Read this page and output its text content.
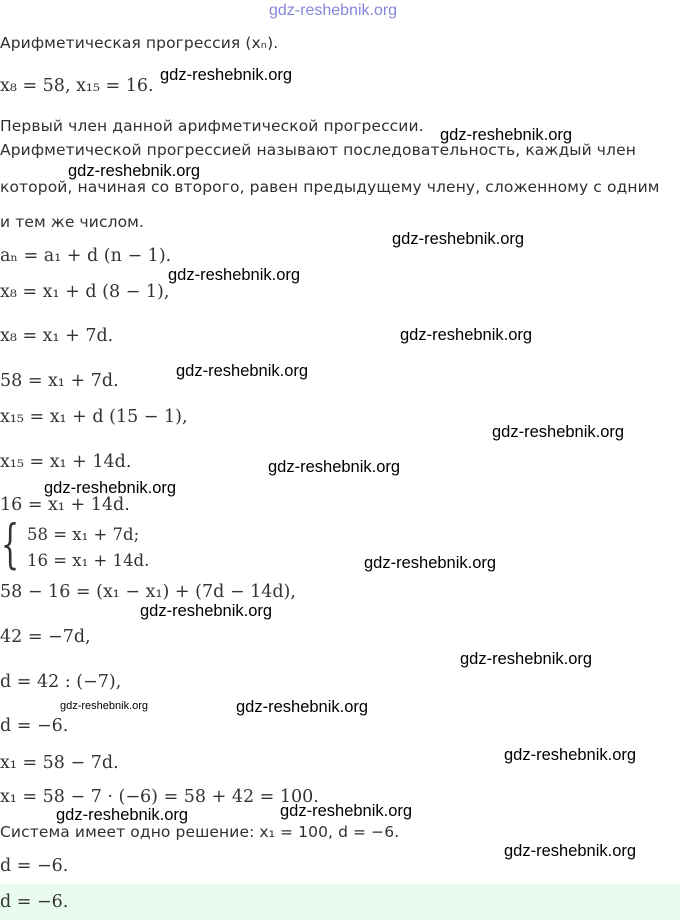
gdz-reshebnik.org
Арифметическая прогрессия (xₙ).
x₈ = 58, x₁₅ = 16.
Первый член данной арифметической прогрессии.
Арифметической прогрессией называют последовательность, каждый член
которой, начиная со второго, равен предыдущему члену, сложенному с одним
и тем же числом.
aₙ = a₁ + d (n − 1).
x₈ = x₁ + d (8 − 1),
x₈ = x₁ + 7d.
58 = x₁ + 7d.
x₁₅ = x₁ + d (15 − 1),
x₁₅ = x₁ + 14d.
16 = x₁ + 14d.
{ 58 = x₁ + 7d;
16 = x₁ + 14d.
58 − 16 = (x₁ − x₁) + (7d − 14d),
42 = −7d,
d = 42 : (−7),
d = −6.
x₁ = 58 − 7d.
x₁ = 58 − 7 · (−6) = 58 + 42 = 100.
Система имеет одно решение: x₁ = 100, d = −6.
d = −6.
d = −6.
gdz-reshebnik.org
gdz-reshebnik.org
gdz-reshebnik.org
gdz-reshebnik.org
gdz-reshebnik.org
gdz-reshebnik.org
gdz-reshebnik.org
gdz-reshebnik.org
gdz-reshebnik.org
gdz-reshebnik.org
gdz-reshebnik.org
gdz-reshebnik.org
gdz-reshebnik.org
gdz-reshebnik.org	gdz-reshebnik.org
gdz-reshebnik.org
gdz-reshebnik.org
gdz-reshebnik.org
gdz-reshebnik.org
